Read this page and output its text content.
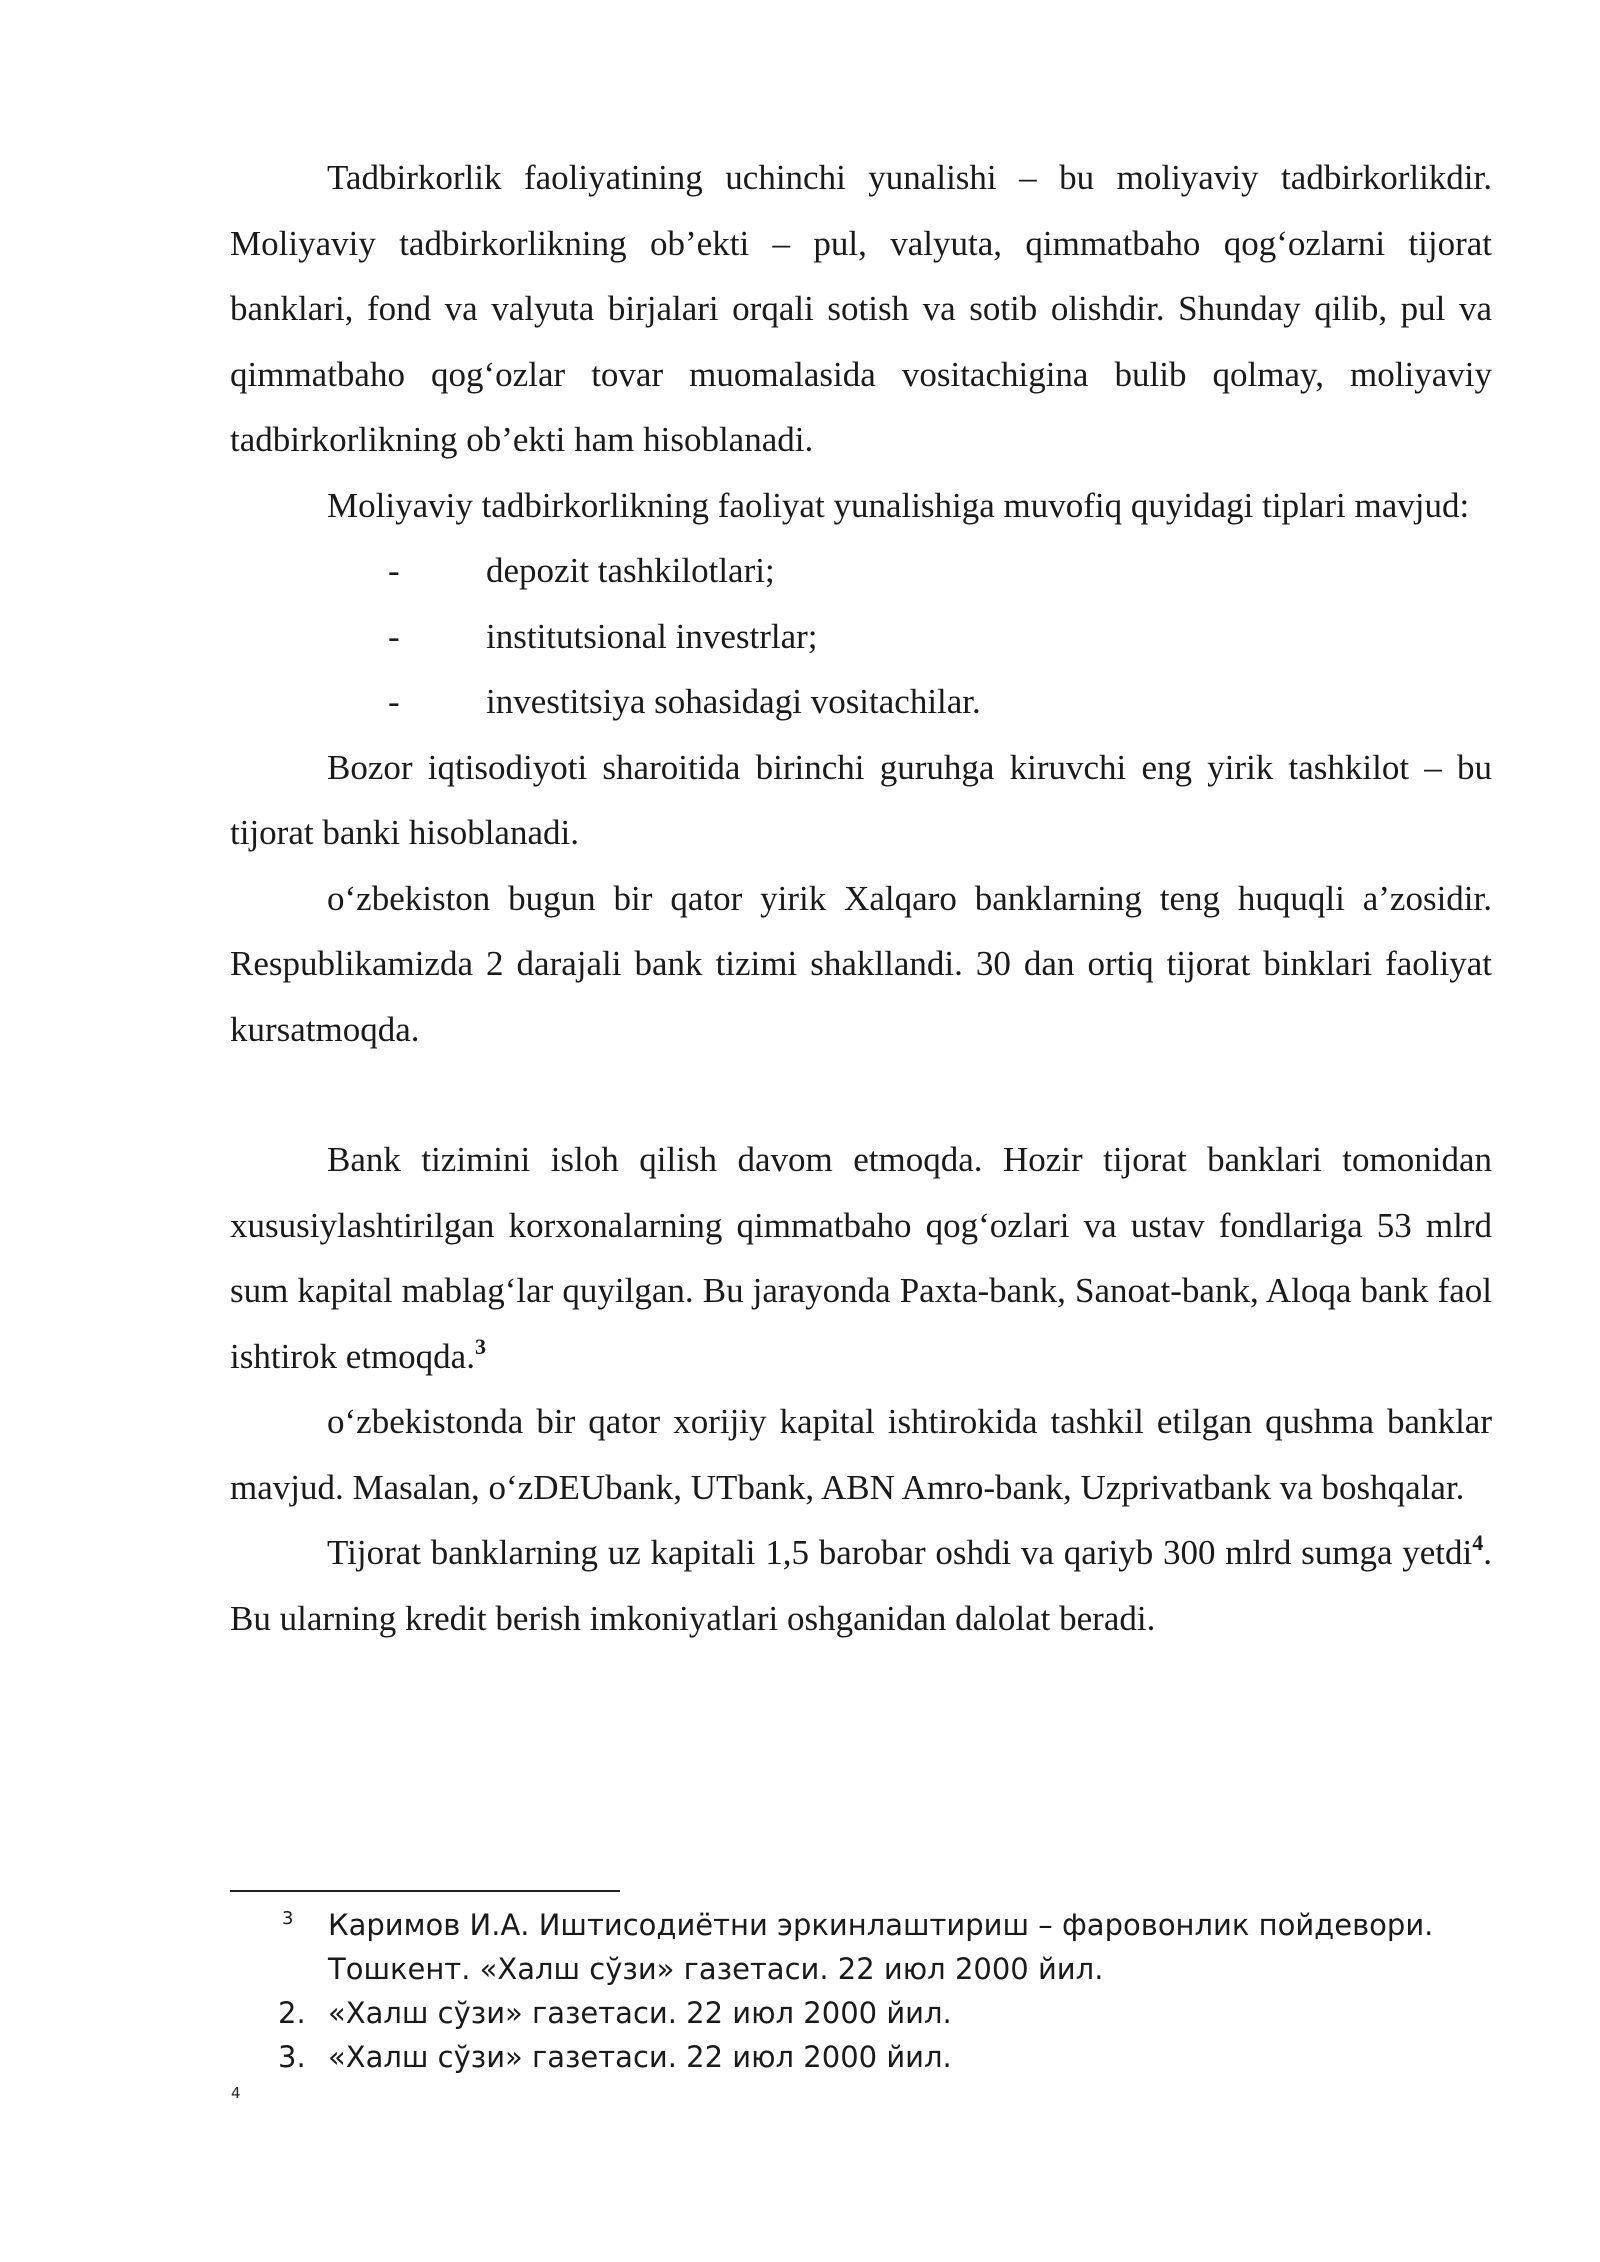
Tadbirkorlik faoliyatining uchinchi yunalishi – bu moliyaviy tadbirkorlikdir. Moliyaviy tadbirkorlikning ob’ekti – pul, valyuta, qimmatbaho qog‘ozlarni tijorat banklari, fond va valyuta birjalari orqali sotish va sotib olishdir. Shunday qilib, pul va qimmatbaho qog‘ozlar tovar muomalasida vositachigina bulib qolmay, moliyaviy tadbirkorlikning ob’ekti ham hisoblanadi.

Moliyaviy tadbirkorlikning faoliyat yunalishiga muvofiq quyidagi tiplari mavjud:

- depozit tashkilotlari;
- institutsional investrlar;
- investitsiya sohasidagi vositachilar.

Bozor iqtisodiyoti sharoitida birinchi guruhga kiruvchi eng yirik tashkilot – bu tijorat banki hisoblanadi.

o‘zbekiston bugun bir qator yirik Xalqaro banklarning teng huquqli a’zosidir. Respublikamizda 2 darajali bank tizimi shakllandi. 30 dan ortiq tijorat binklari faoliyat kursatmoqda.

Bank tizimini isloh qilish davom etmoqda. Hozir tijorat banklari tomonidan xususiylashtirilgan korxonalarning qimmatbaho qog‘ozlari va ustav fondlariga 53 mlrd sum kapital mablag‘lar quyilgan. Bu jarayonda Paxta-bank, Sanoat-bank, Aloqa bank faol ishtirok etmoqda.$^3$

o‘zbekistonda bir qator xorijiy kapital ishtirokida tashkil etilgan qushma banklar mavjud. Masalan, o‘zDEUbank, UTbank, ABN Amro-bank, Uzprivatbank va boshqalar.

Tijorat banklarning uz kapitali 1,5 barobar oshdi va qariyb 300 mlrd sumga yetdi$^4$. Bu ularning kredit berish imkoniyatlari oshganidan dalolat beradi.

3 Каримов И.А. Иштисодиётни эркинлаштириш – фаровонлик пойдевори. Тошкент. «Халш сўзи» газетаси. 22 июл 2000 йил.
2. «Халш сўзи» газетаси. 22 июл 2000 йил.
3. «Халш сўзи» газетаси. 22 июл 2000 йил.
4
